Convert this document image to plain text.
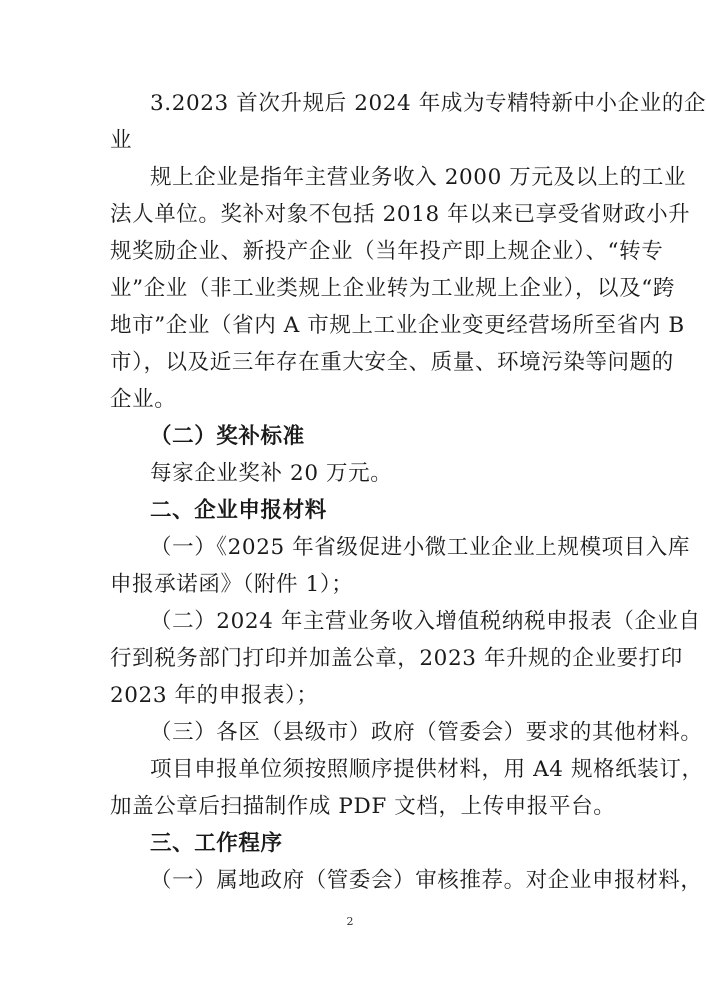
3.2023 首次升规后 2024 年成为专精特新中小企业的企
业
规上企业是指年主营业务收入 2000 万元及以上的工业
法人单位。奖补对象不包括 2018 年以来已享受省财政小升
规奖励企业、新投产企业（当年投产即上规企业）、“转专
业”企业（非工业类规上企业转为工业规上企业），以及“跨
地市”企业（省内 A 市规上工业企业变更经营场所至省内 B
市），以及近三年存在重大安全、质量、环境污染等问题的
企业。
（二）奖补标准
每家企业奖补 20 万元。
二、企业申报材料
（一）《2025 年省级促进小微工业企业上规模项目入库
申报承诺函》（附件 1）；
（二）2024 年主营业务收入增值税纳税申报表（企业自
行到税务部门打印并加盖公章，2023 年升规的企业要打印
2023 年的申报表）；
（三）各区（县级市）政府（管委会）要求的其他材料。
项目申报单位须按照顺序提供材料，用 A4 规格纸装订，
加盖公章后扫描制作成 PDF 文档，上传申报平台。
三、工作程序
（一）属地政府（管委会）审核推荐。对企业申报材料，
2
